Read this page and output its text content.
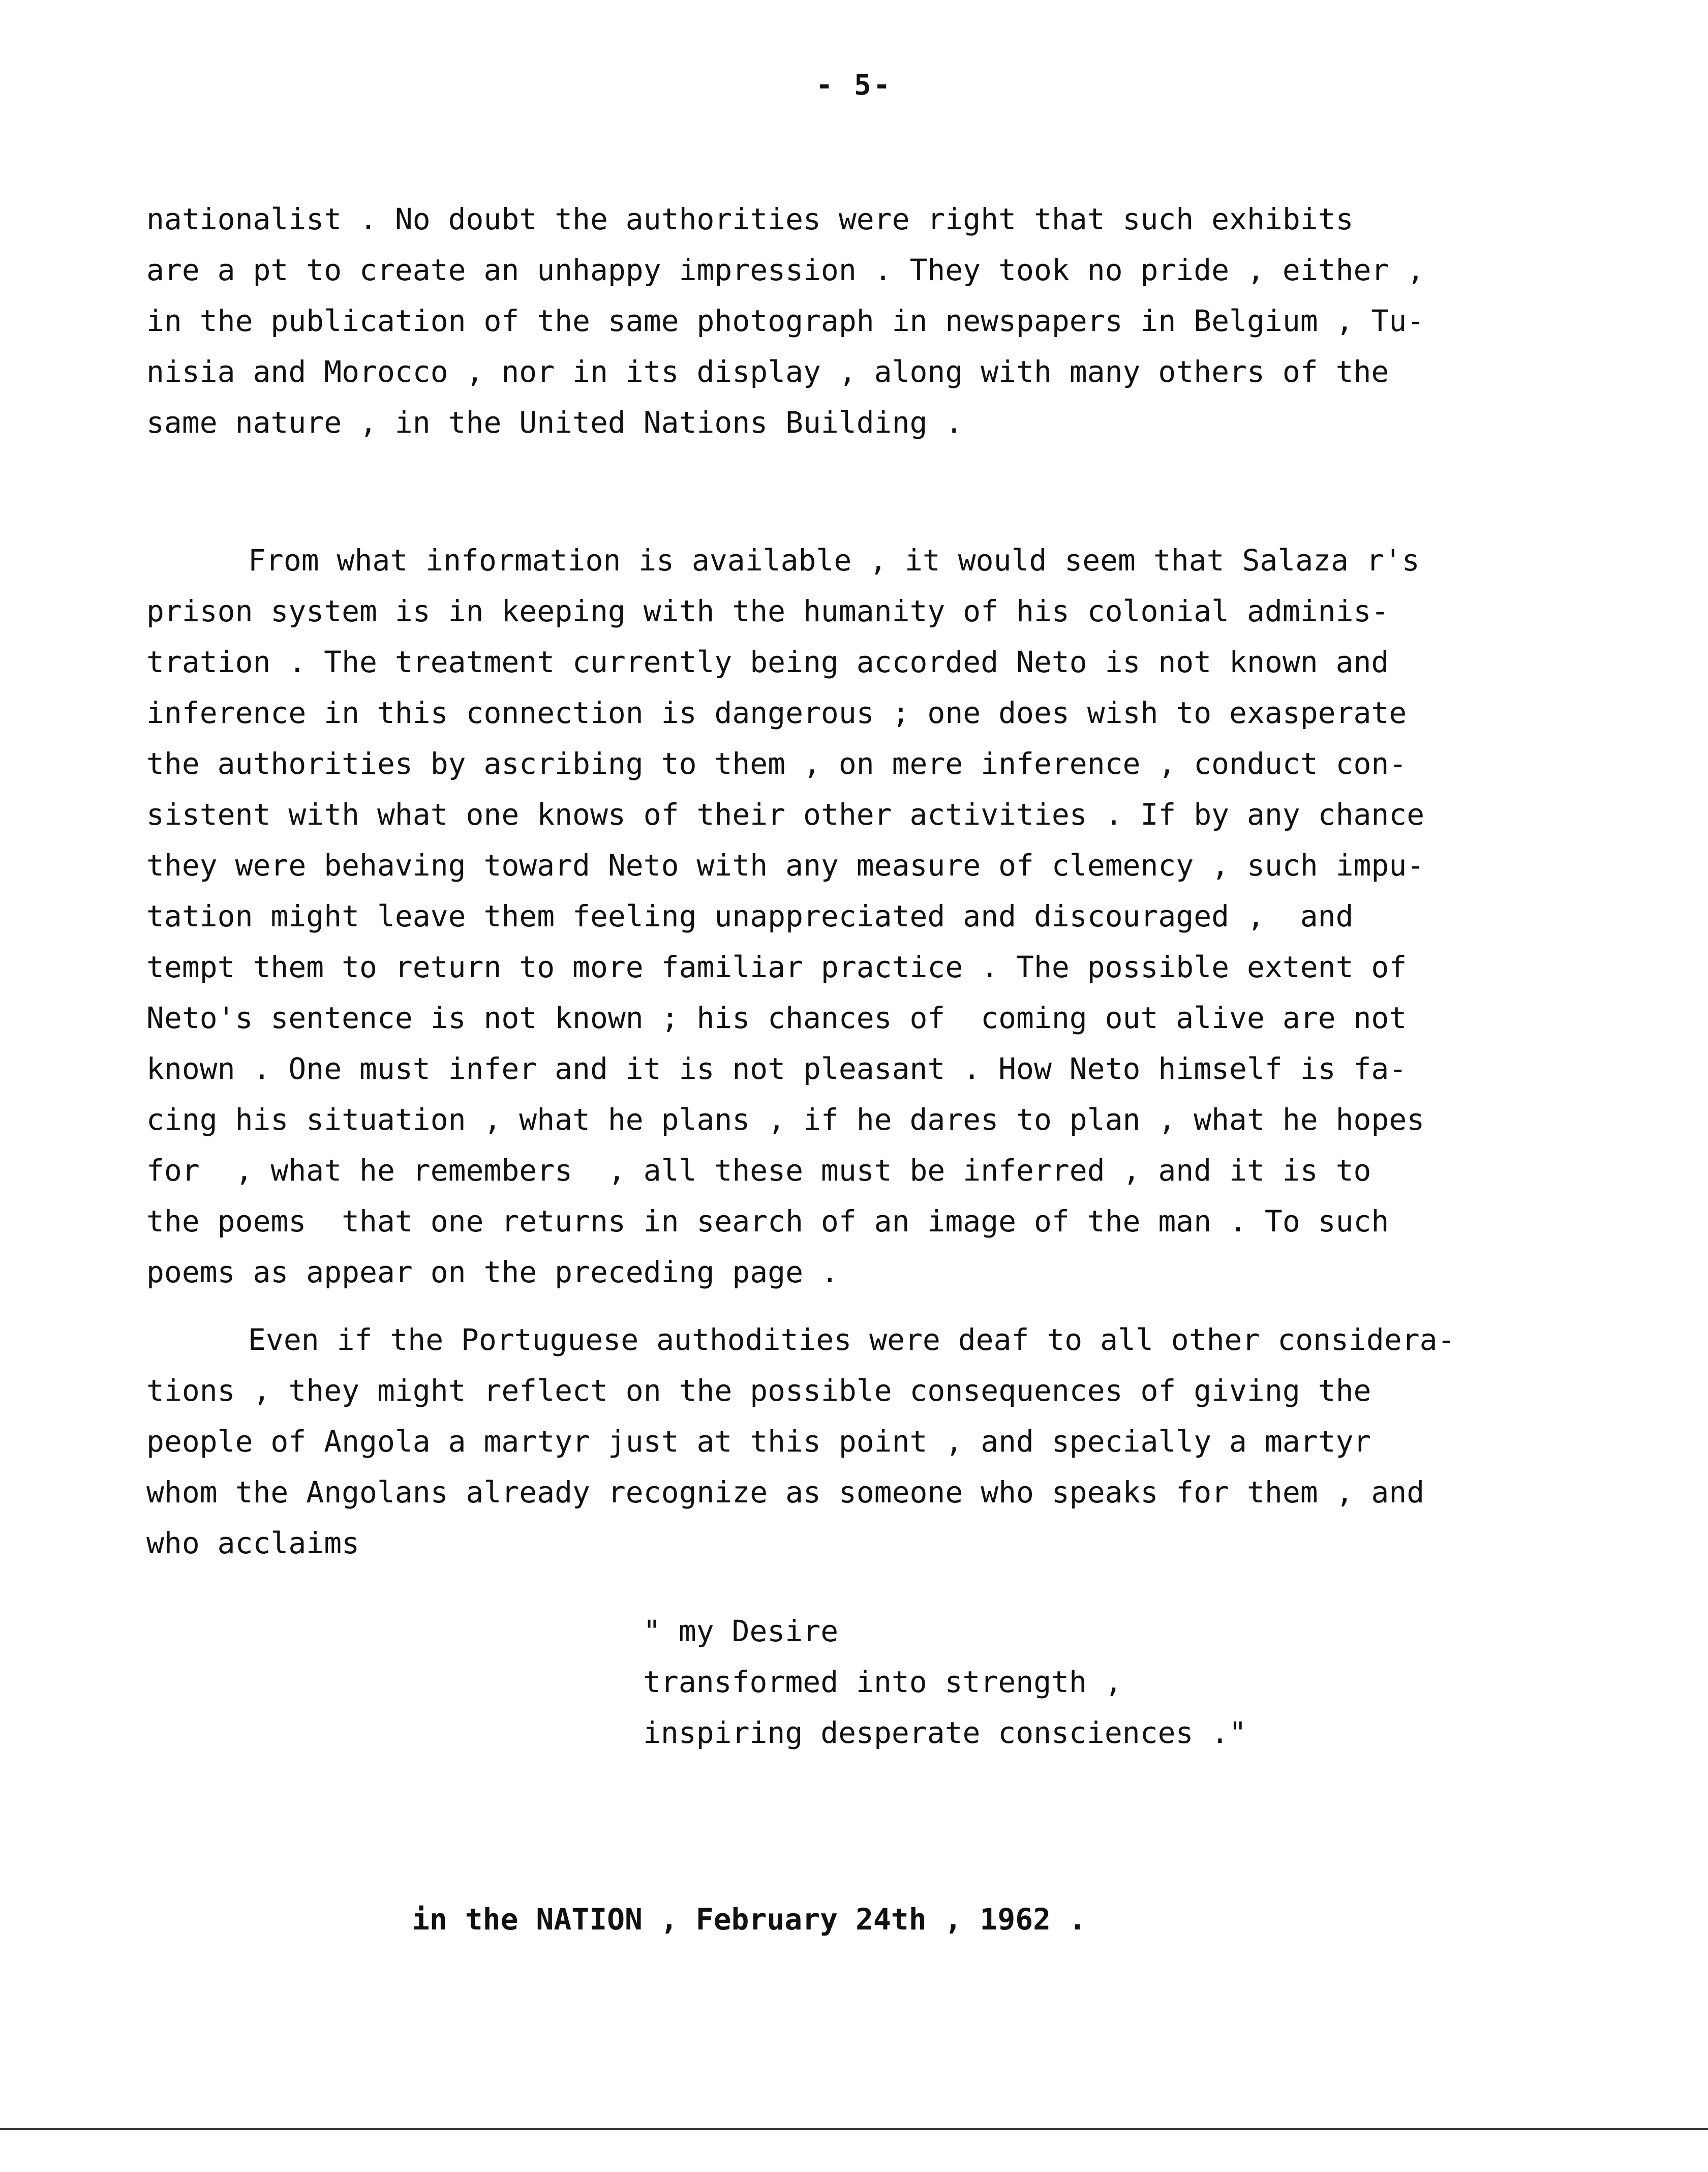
- 5-
nationalist . No doubt the authorities were right that such exhibits
are a pt to create an unhappy impression . They took no pride , either ,
in the publication of the same photograph in newspapers in Belgium , Tu-
nisia and Morocco , nor in its display , along with many others of the
same nature , in the United Nations Building .
From what information is available , it would seem that Salaza r's
prison system is in keeping with the humanity of his colonial adminis-
tration . The treatment currently being accorded Neto is not known and
inference in this connection is dangerous ; one does wish to exasperate
the authorities by ascribing to them , on mere inference , conduct con-
sistent with what one knows of their other activities . If by any chance
they were behaving toward Neto with any measure of clemency , such impu-
tation might leave them feeling unappreciated and discouraged ,  and
tempt them to return to more familiar practice . The possible extent of
Neto's sentence is not known ; his chances of  coming out alive are not
known . One must infer and it is not pleasant . How Neto himself is fa-
cing his situation , what he plans , if he dares to plan , what he hopes
for  , what he remembers  , all these must be inferred , and it is to
the poems  that one returns in search of an image of the man . To such
poems as appear on the preceding page .
Even if the Portuguese authodities were deaf to all other considera-
tions , they might reflect on the possible consequences of giving the
people of Angola a martyr just at this point , and specially a martyr
whom the Angolans already recognize as someone who speaks for them , and
who acclaims
" my Desire
transformed into strength ,
inspiring desperate consciences ."
in the NATION , February 24th , 1962 .
